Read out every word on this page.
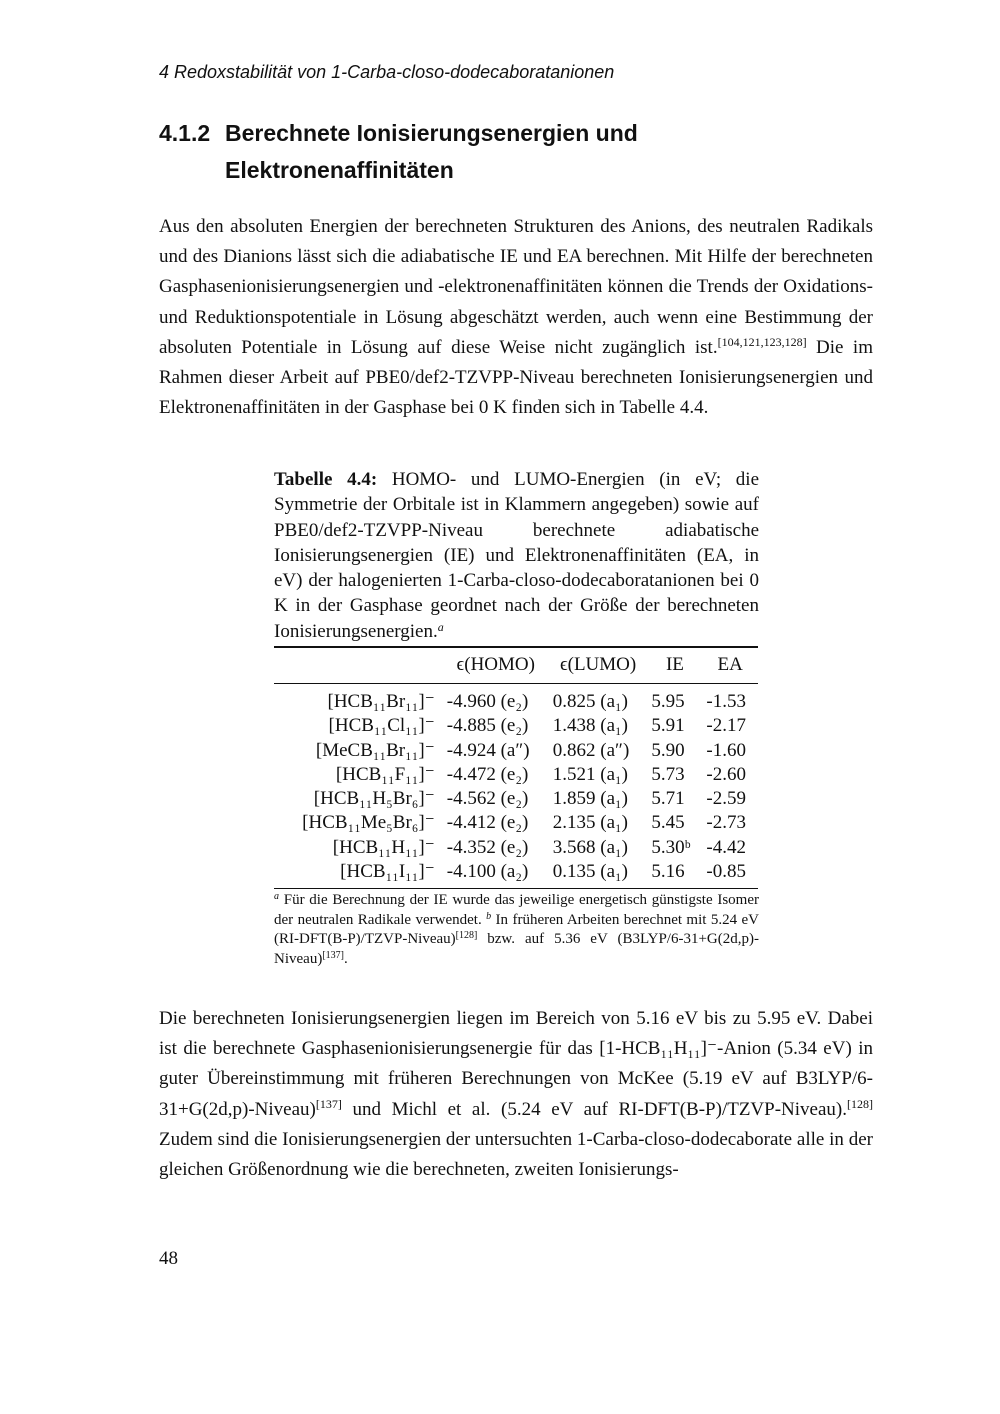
4 Redoxstabilität von 1-Carba-closo-dodecaboratanionen
4.1.2 Berechnete Ionisierungsenergien und
Elektronenaffinitäten
Aus den absoluten Energien der berechneten Strukturen des Anions, des neutralen Radikals und des Dianions lässt sich die adiabatische IE und EA berechnen. Mit Hilfe der berechneten Gasphasenionisierungsenergien und -elektronenaffinitäten können die Trends der Oxidations- und Reduktionspotentiale in Lösung abgeschätzt werden, auch wenn eine Bestimmung der absoluten Potentiale in Lösung auf diese Weise nicht zugänglich ist.[104,121,123,128] Die im Rahmen dieser Arbeit auf PBE0/def2-TZVPP-Niveau berechneten Ionisierungsenergien und Elektronenaffinitäten in der Gasphase bei 0 K finden sich in Tabelle 4.4.
Tabelle 4.4: HOMO- und LUMO-Energien (in eV; die Symmetrie der Orbitale ist in Klammern angegeben) sowie auf PBE0/def2-TZVPP-Niveau berechnete adiabatische Ionisierungsenergien (IE) und Elektronenaffinitäten (EA, in eV) der halogenierten 1-Carba-closo-dodecaboratanionen bei 0 K in der Gasphase geordnet nach der Größe der berechneten Ionisierungsenergien.$^a$
	ϵ(HOMO)	ϵ(LUMO)	IE	EA
[HCB₁₁Br₁₁]⁻	-4.960 (e₂)	0.825 (a₁)	5.95	-1.53
[HCB₁₁Cl₁₁]⁻	-4.885 (e₂)	1.438 (a₁)	5.91	-2.17
[MeCB₁₁Br₁₁]⁻	-4.924 (a″)	0.862 (a″)	5.90	-1.60
[HCB₁₁F₁₁]⁻	-4.472 (e₂)	1.521 (a₁)	5.73	-2.60
[HCB₁₁H₅Br₆]⁻	-4.562 (e₂)	1.859 (a₁)	5.71	-2.59
[HCB₁₁Me₅Br₆]⁻	-4.412 (e₂)	2.135 (a₁)	5.45	-2.73
[HCB₁₁H₁₁]⁻	-4.352 (e₂)	3.568 (a₁)	5.30ᵇ	-4.42
[HCB₁₁I₁₁]⁻	-4.100 (a₂)	0.135 (a₁)	5.16	-0.85
$^a$ Für die Berechnung der IE wurde das jeweilige energetisch günstigste Isomer der neutralen Radikale verwendet. $^b$ In früheren Arbeiten berechnet mit 5.24 eV (RI-DFT(B-P)/TZVP-Niveau)[128] bzw. auf 5.36 eV (B3LYP/6-31+G(2d,p)-Niveau)[137].
Die berechneten Ionisierungsenergien liegen im Bereich von 5.16 eV bis zu 5.95 eV. Dabei ist die berechnete Gasphasenionisierungsenergie für das [1-HCB₁₁H₁₁]⁻-Anion (5.34 eV) in guter Übereinstimmung mit früheren Berechnungen von McKee (5.19 eV auf B3LYP/6-31+G(2d,p)-Niveau)[137] und Michl et al. (5.24 eV auf RI-DFT(B-P)/TZVP-Niveau).[128] Zudem sind die Ionisierungsenergien der untersuchten 1-Carba-closo-dodecaborate alle in der gleichen Größenordnung wie die berechneten, zweiten Ionisierungs-
48
